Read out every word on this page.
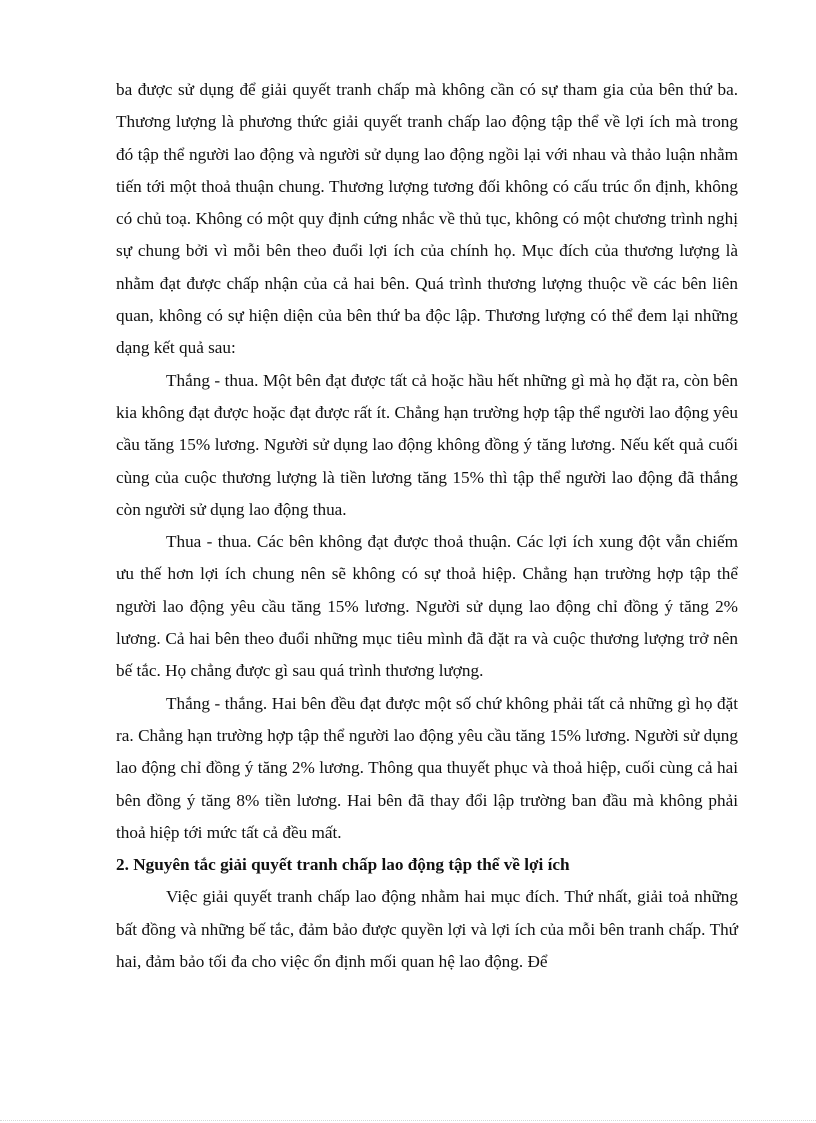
ba được sử dụng để giải quyết tranh chấp mà không cần có sự tham gia của bên thứ ba. Thương lượng là phương thức giải quyết tranh chấp lao động tập thể về lợi ích mà trong đó tập thể người lao động và người sử dụng lao động ngồi lại với nhau và thảo luận nhằm tiến tới một thoả thuận chung. Thương lượng tương đối không có cấu trúc ổn định, không có chủ toạ. Không có một quy định cứng nhắc về thủ tục, không có một chương trình nghị sự chung bởi vì mỗi bên theo đuổi lợi ích của chính họ. Mục đích của thương lượng là nhằm đạt được chấp nhận của cả hai bên. Quá trình thương lượng thuộc về các bên liên quan, không có sự hiện diện của bên thứ ba độc lập. Thương lượng có thể đem lại những dạng kết quả sau:

Thắng - thua. Một bên đạt được tất cả hoặc hầu hết những gì mà họ đặt ra, còn bên kia không đạt được hoặc đạt được rất ít. Chẳng hạn trường hợp tập thể người lao động yêu cầu tăng 15% lương. Người sử dụng lao động không đồng ý tăng lương. Nếu kết quả cuối cùng của cuộc thương lượng là tiền lương tăng 15% thì tập thể người lao động đã thắng còn người sử dụng lao động thua.

Thua - thua. Các bên không đạt được thoả thuận. Các lợi ích xung đột vẫn chiếm ưu thế hơn lợi ích chung nên sẽ không có sự thoả hiệp. Chẳng hạn trường hợp tập thể người lao động yêu cầu tăng 15% lương. Người sử dụng lao động chỉ đồng ý tăng 2% lương. Cả hai bên theo đuổi những mục tiêu mình đã đặt ra và cuộc thương lượng trở nên bế tắc. Họ chẳng được gì sau quá trình thương lượng.

Thắng - thắng. Hai bên đều đạt được một số chứ không phải tất cả những gì họ đặt ra. Chẳng hạn trường hợp tập thể người lao động yêu cầu tăng 15% lương. Người sử dụng lao động chỉ đồng ý tăng 2% lương. Thông qua thuyết phục và thoả hiệp, cuối cùng cả hai bên đồng ý tăng 8% tiền lương. Hai bên đã thay đổi lập trường ban đầu mà không phải thoả hiệp tới mức tất cả đều mất.

2. Nguyên tắc giải quyết tranh chấp lao động tập thể về lợi ích

Việc giải quyết tranh chấp lao động nhằm hai mục đích. Thứ nhất, giải toả những bất đồng và những bế tắc, đảm bảo được quyền lợi và lợi ích của mỗi bên tranh chấp. Thứ hai, đảm bảo tối đa cho việc ổn định mối quan hệ lao động. Để
